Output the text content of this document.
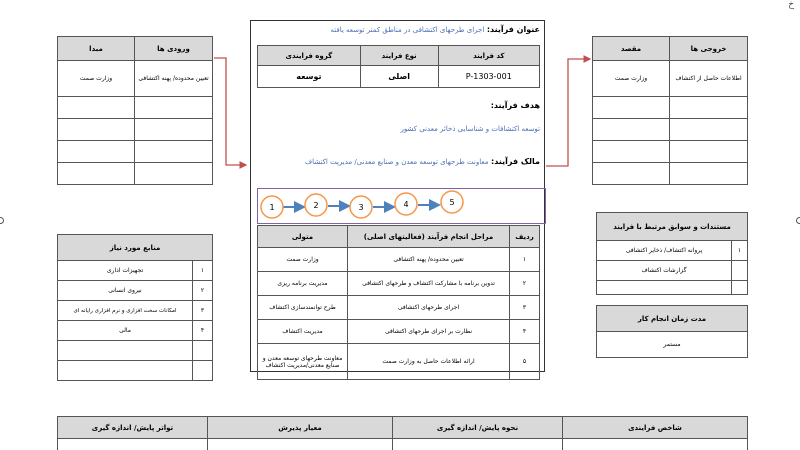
خ
ورودی ها	مبدا
تعیین محدوده/ پهنه اکتشافی	وزارت صمت

خروجی ها	مقصد
اطلاعات حاصل از اکتشاف	وزارت صمت

عنوان فرآیند: اجرای طرحهای اکتشافی در مناطق کمتر توسعه یافته
کد فرایند	نوع فرایند	گروه فرایندی
P-1303-001	اصلی	توسعه
هدف فرآیند:
توسعه اکتشافات و شناسایی ذخائر معدنی کشور
مالک فرآیند: معاونت طرحهای توسعه معدن و صنایع معدنی/ مدیریت اکتشاف
1	2	3	4	5
ردیف	مراحل انجام فرآیند (فعالیتهای اصلی)	متولی
۱	تعیین محدوده/ پهنه اکتشافی	وزارت صمت
۲	تدوین برنامه با مشارکت اکتشاف و طرحهای اکتشافی	مدیریت برنامه ریزی
۳	اجرای طرحهای اکتشافی	طرح توانمندسازی اکتشاف
۴	نظارت بر اجرای طرحهای اکتشافی	مدیریت اکتشاف
۵	ارائه اطلاعات حاصل به وزارت صمت	معاونت طرحهای توسعه معدن و صنایع معدنی/مدیریت اکتشاف
منابع مورد نیاز	
۱	تجهیزات اداری
۲	نیروی انسانی
۳	امکانات سخت افزاری و نرم افزاری رایانه ای
۴	مالی

مستندات و سوابق مرتبط با فرایند	
۱	پروانه اکتشاف/ ذخایر اکتشافی
	گزارشات اکتشاف

مدت زمان انجام کار
مستمر
شاخص فرایندی	نحوه پایش/ اندازه گیری	معیار پذیرش	تواتر پایش/ اندازه گیری
